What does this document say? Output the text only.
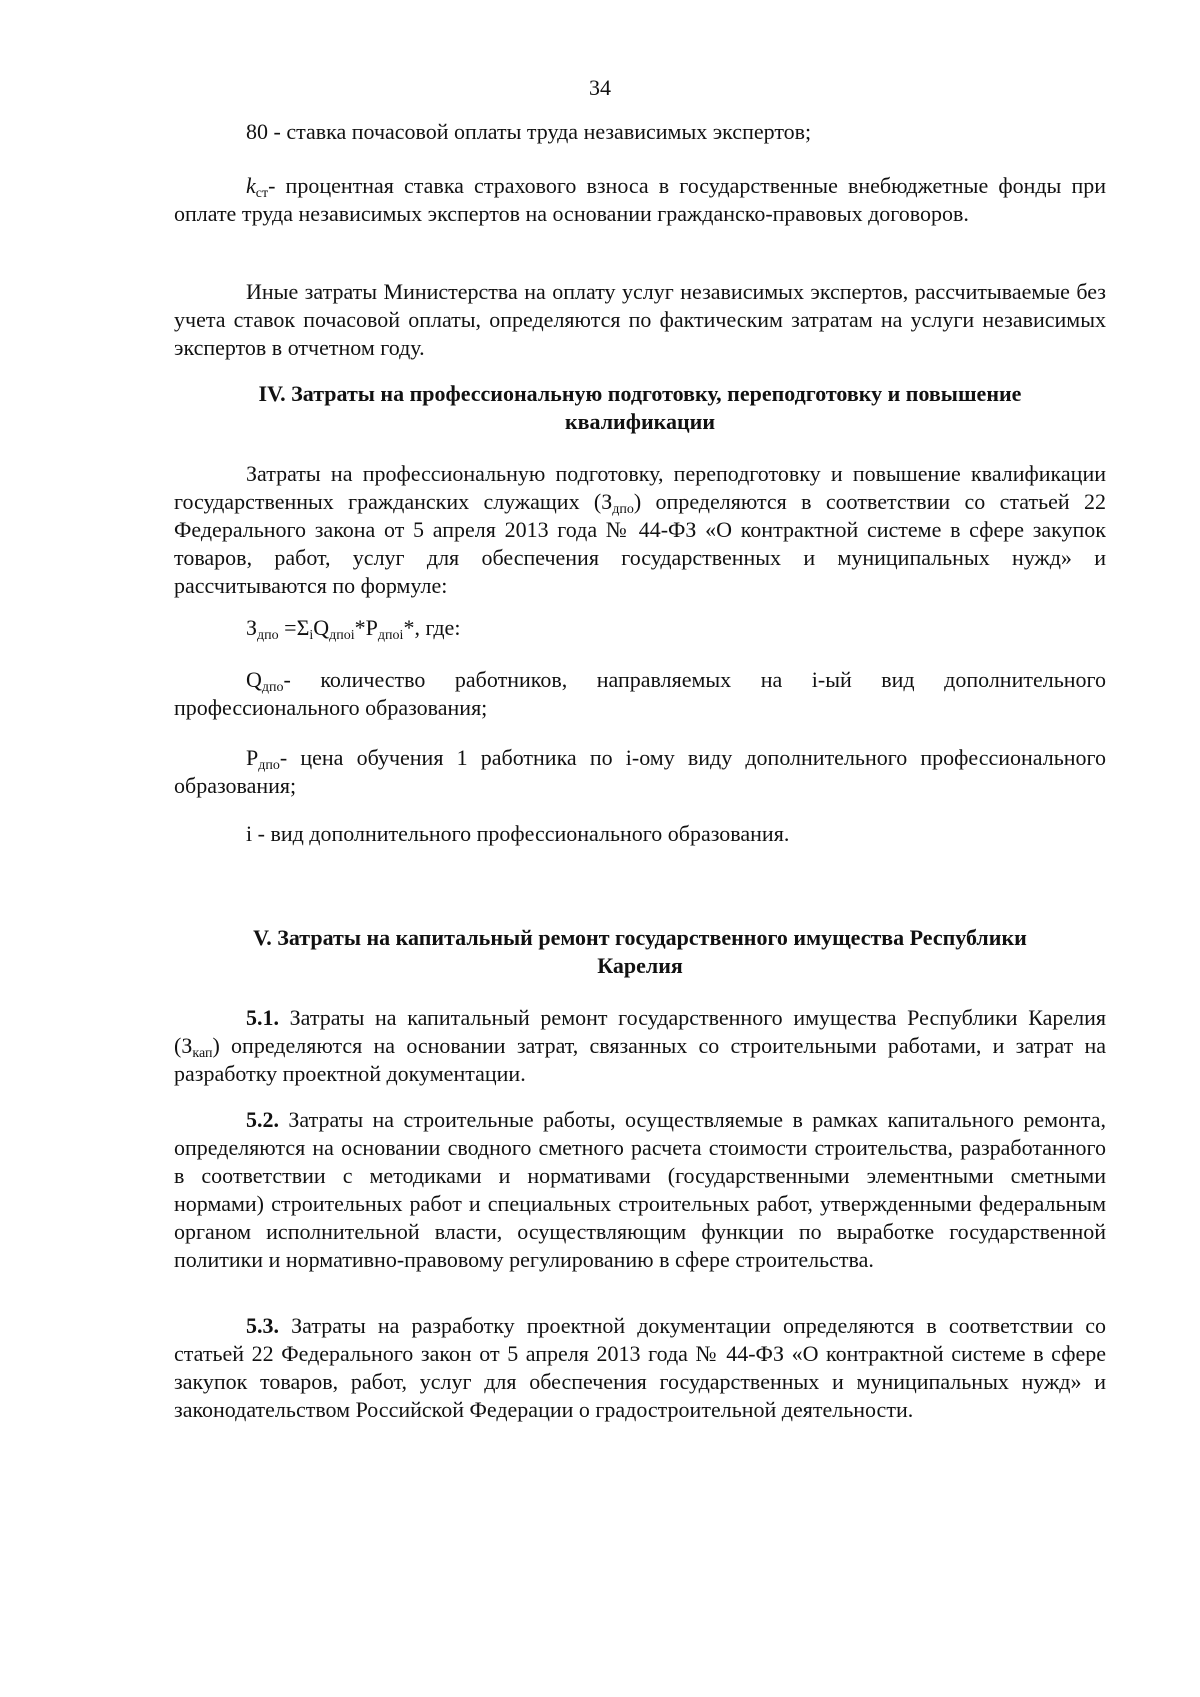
34

80 - ставка почасовой оплаты труда независимых экспертов;

$k_{ст}-$ процентная ставка страхового взноса в государственные внебюджетные фонды при оплате труда независимых экспертов на основании гражданско-правовых договоров.

Иные затраты Министерства на оплату услуг независимых экспертов, рассчитываемые без учета ставок почасовой оплаты, определяются по фактическим затратам на услуги независимых экспертов в отчетном году.

IV. Затраты на профессиональную подготовку, переподготовку и повышение
квалификации

Затраты на профессиональную подготовку, переподготовку и повышение квалификации государственных гражданских служащих $(З_{дпо})$ определяются в соответствии со статьей 22 Федерального закона от 5 апреля 2013 года № 44-ФЗ «О контрактной системе в сфере закупок товаров, работ, услуг для обеспечения государственных и муниципальных нужд» и рассчитываются по формуле:

$З_{дпо} =\Sigma_iQ_{дпоi}*P_{дпоi}*$, где:

$Q_{дпо}-$ количество работников, направляемых на i-ый вид дополнительного профессионального образования;

$P_{дпо}-$ цена обучения 1 работника по i-ому виду дополнительного профессионального образования;

i - вид дополнительного профессионального образования.

V. Затраты на капитальный ремонт государственного имущества Республики
Карелия

5.1. Затраты на капитальный ремонт государственного имущества Республики Карелия $(З_{кап})$ определяются на основании затрат, связанных со строительными работами, и затрат на разработку проектной документации.

5.2. Затраты на строительные работы, осуществляемые в рамках капитального ремонта, определяются на основании сводного сметного расчета стоимости строительства, разработанного в соответствии с методиками и нормативами (государственными элементными сметными нормами) строительных работ и специальных строительных работ, утвержденными федеральным органом исполнительной власти, осуществляющим функции по выработке государственной политики и нормативно-правовому регулированию в сфере строительства.

5.3. Затраты на разработку проектной документации определяются в соответствии со статьей 22 Федерального закон от 5 апреля 2013 года № 44-ФЗ «О контрактной системе в сфере закупок товаров, работ, услуг для обеспечения государственных и муниципальных нужд» и законодательством Российской Федерации о градостроительной деятельности.
